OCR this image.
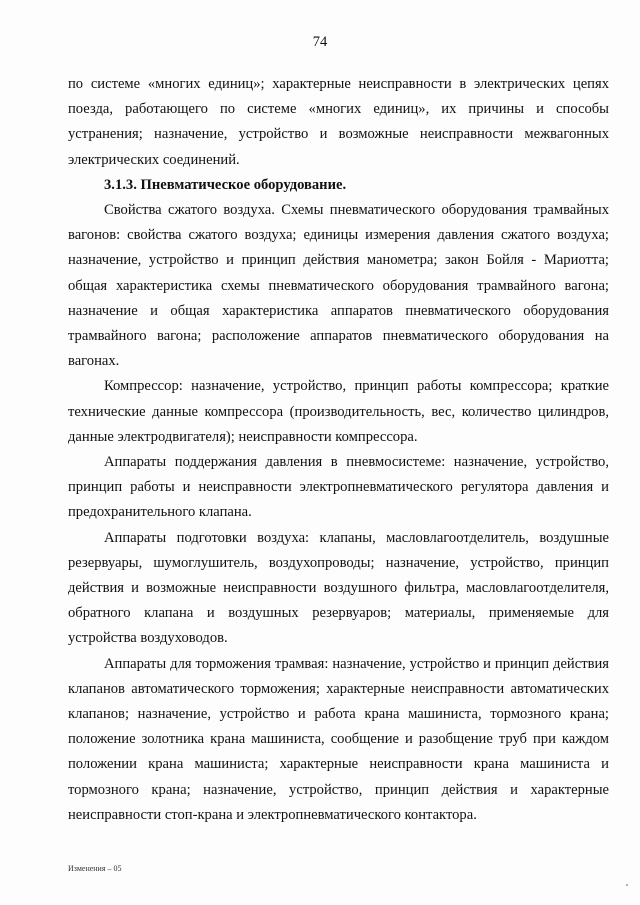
74

по системе «многих единиц»; характерные неисправности в электрических цепях поезда, работающего по системе «многих единиц», их причины и способы устранения; назначение, устройство и возможные неисправности межвагонных электрических соединений.

3.1.3. Пневматическое оборудование.

Свойства сжатого воздуха. Схемы пневматического оборудования трамвайных вагонов: свойства сжатого воздуха; единицы измерения давления сжатого воздуха; назначение, устройство и принцип действия манометра; закон Бойля - Мариотта; общая характеристика схемы пневматического оборудования трамвайного вагона; назначение и общая характеристика аппаратов пневматического оборудования трамвайного вагона; расположение аппаратов пневматического оборудования на вагонах.

Компрессор: назначение, устройство, принцип работы компрессора; краткие технические данные компрессора (производительность, вес, количество цилиндров, данные электродвигателя); неисправности компрессора.

Аппараты поддержания давления в пневмосистеме: назначение, устройство, принцип работы и неисправности электропневматического регулятора давления и предохранительного клапана.

Аппараты подготовки воздуха: клапаны, масловлагоотделитель, воздушные резервуары, шумоглушитель, воздухопроводы; назначение, устройство, принцип действия и возможные неисправности воздушного фильтра, масловлагоотделителя, обратного клапана и воздушных резервуаров; материалы, применяемые для устройства воздуховодов.

Аппараты для торможения трамвая: назначение, устройство и принцип действия клапанов автоматического торможения; характерные неисправности автоматических клапанов; назначение, устройство и работа крана машиниста, тормозного крана; положение золотника крана машиниста, сообщение и разобщение труб при каждом положении крана машиниста; характерные неисправности крана машиниста и тормозного крана; назначение, устройство, принцип действия и характерные неисправности стоп-крана и электропневматического контактора.

Изменения – 05
